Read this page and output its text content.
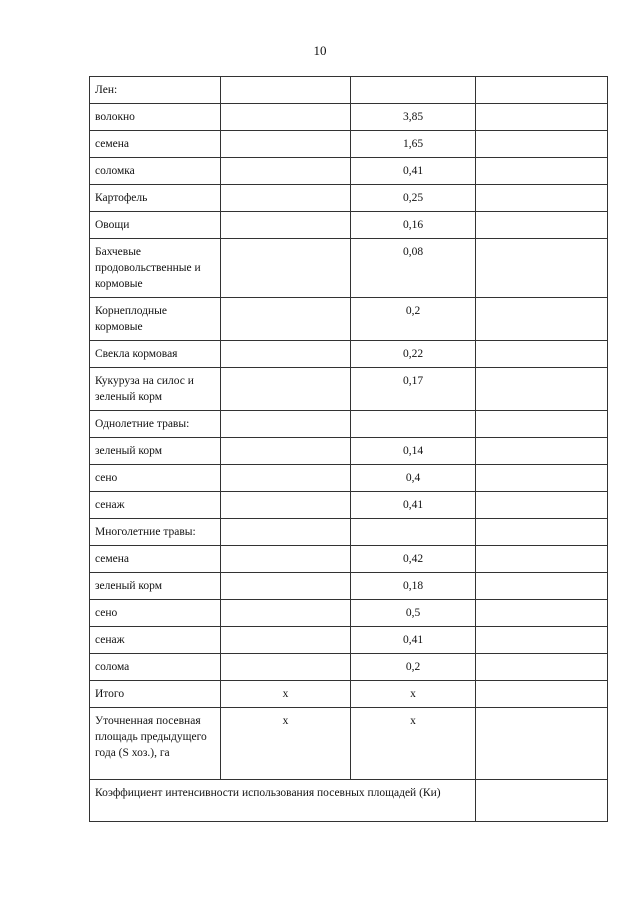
10
Лен:			
волокно		3,85	
семена		1,65	
соломка		0,41	
Картофель		0,25	
Овощи		0,16	
Бахчевые продовольственные и кормовые		0,08	
Корнеплодные кормовые		0,2	
Свекла кормовая		0,22	
Кукуруза на силос и зеленый корм		0,17	
Однолетние травы:			
зеленый корм		0,14	
сено		0,4	
сенаж		0,41	
Многолетние травы:			
семена		0,42	
зеленый корм		0,18	
сено		0,5	
сенаж		0,41	
солома		0,2	
Итого	х	х	
Уточненная посевная площадь предыдущего года (S хоз.), га	х	х	
Коэффициент интенсивности использования посевных площадей (Ки)			
